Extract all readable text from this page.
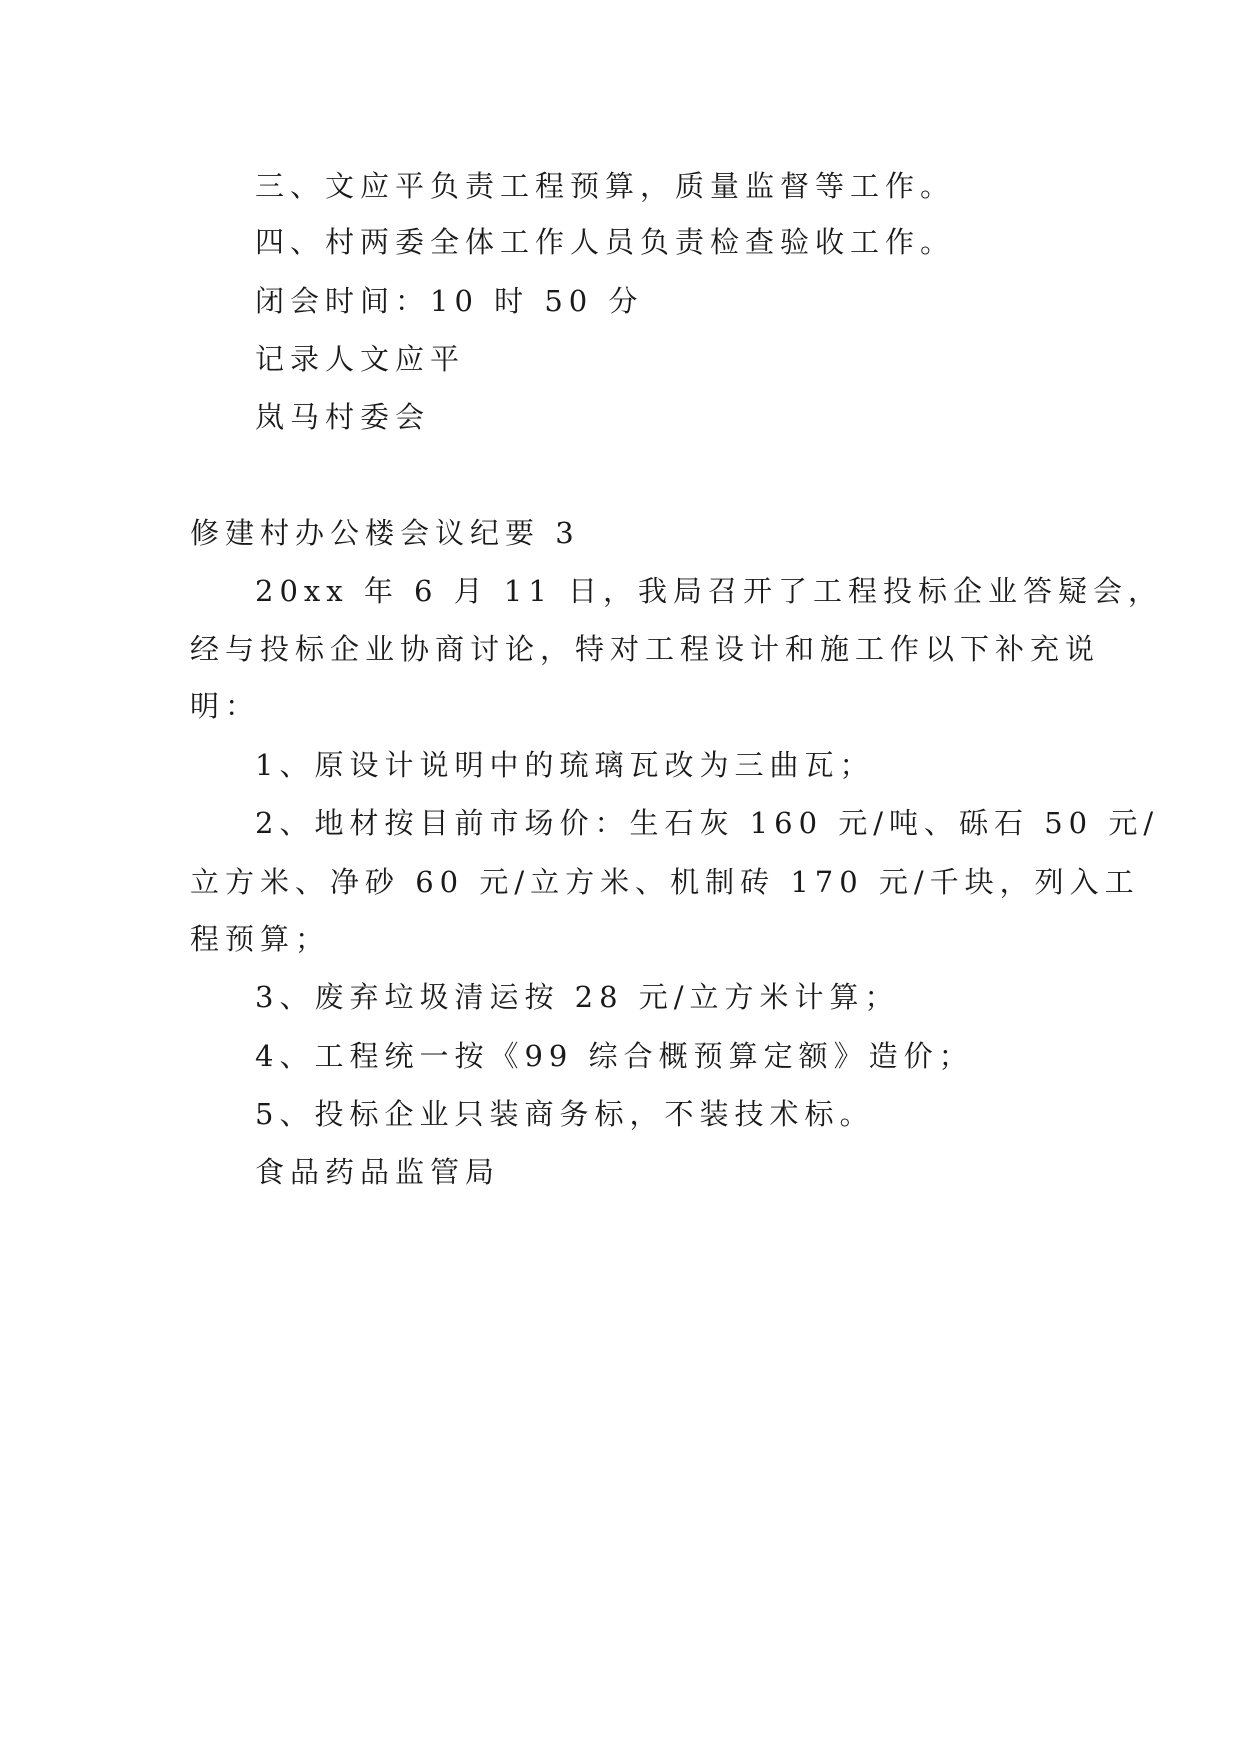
三、文应平负责工程预算，质量监督等工作。
四、村两委全体工作人员负责检查验收工作。
闭会时间：10 时 50 分
记录人文应平
岚马村委会
修建村办公楼会议纪要 3
20xx 年 6 月 11 日，我局召开了工程投标企业答疑会，
经与投标企业协商讨论，特对工程设计和施工作以下补充说
明：
1、原设计说明中的琉璃瓦改为三曲瓦；
2、地材按目前市场价：生石灰 160 元/吨、砾石 50 元/
立方米、净砂 60 元/立方米、机制砖 170 元/千块，列入工
程预算；
3、废弃垃圾清运按 28 元/立方米计算；
4、工程统一按《99 综合概预算定额》造价；
5、投标企业只装商务标，不装技术标。
食品药品监管局
